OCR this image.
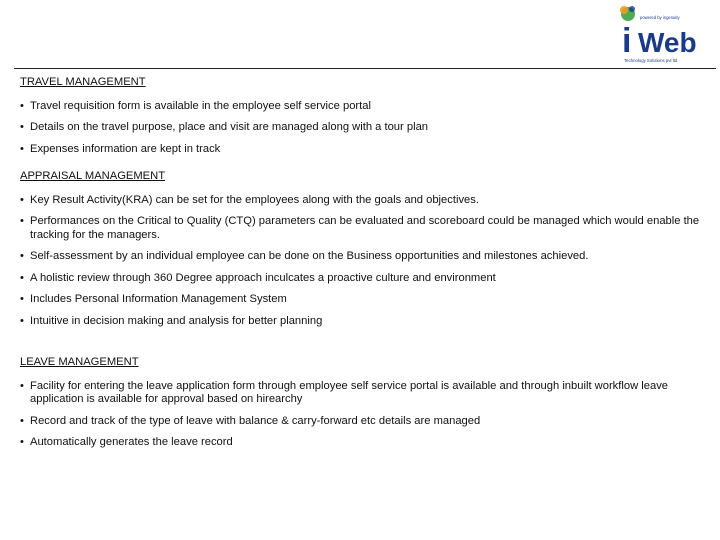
powered by ingenuity
i Web
Technology Solutions pvt ltd
TRAVEL MANAGEMENT
• Travel requisition form is available in the employee self service portal
• Details on the travel purpose, place and visit are managed along with a tour plan
• Expenses information are kept in track
APPRAISAL MANAGEMENT
• Key Result Activity(KRA) can be set for the employees along with the goals and objectives.
• Performances on the Critical to Quality (CTQ) parameters can be evaluated and scoreboard could be managed which would enable the tracking for the managers.
• Self-assessment by an individual employee can be done on the Business opportunities and milestones achieved.
• A holistic review through 360 Degree approach inculcates a proactive culture and environment
• Includes Personal Information Management System
• Intuitive in decision making and analysis for better planning
LEAVE MANAGEMENT
• Facility for entering the leave application form through employee self service portal is available and through inbuilt workflow leave application is available for approval based on hirearchy
• Record and track of the type of leave with balance & carry-forward etc details are managed
• Automatically generates the leave record
